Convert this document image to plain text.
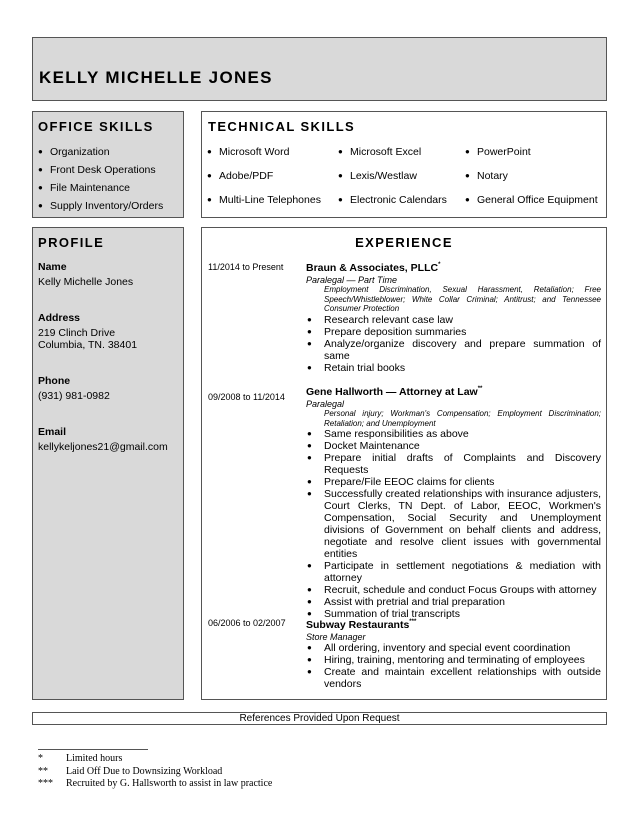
KELLY MICHELLE JONES
OFFICE SKILLS
● Organization
● Front Desk Operations
● File Maintenance
● Supply Inventory/Orders
TECHNICAL SKILLS
● Microsoft Word	● Microsoft Excel	● PowerPoint
● Adobe/PDF	● Lexis/Westlaw	● Notary
● Multi-Line Telephones ● Electronic Calendars ● General Office Equipment
PROFILE
Name
Kelly Michelle Jones
Address
219 Clinch Drive
Columbia, TN. 38401
Phone
(931) 981-0982
Email
kellykeljones21@gmail.com
EXPERIENCE
11/2014 to Present Braun & Associates, PLLC*
Paralegal — Part Time
Employment Discrimination, Sexual Harassment, Retaliation; Free Speech/Whistleblower; White Collar Criminal; Antitrust; and Tennessee Consumer Protection
● Research relevant case law
● Prepare deposition summaries
● Analyze/organize discovery and prepare summation of same
● Retain trial books
09/2008 to 11/2014 Gene Hallworth — Attorney at Law**
Paralegal
Personal injury; Workman's Compensation; Employment Discrimination; Retaliation; and Unemployment
● Same responsibilities as above
● Docket Maintenance
● Prepare initial drafts of Complaints and Discovery Requests
● Prepare/File EEOC claims for clients
● Successfully created relationships with insurance adjusters, Court Clerks, TN Dept. of Labor, EEOC, Workmen's Compensation, Social Security and Unemployment divisions of Government on behalf clients and address, negotiate and resolve client issues with governmental entities
● Participate in settlement negotiations & mediation with attorney
● Recruit, schedule and conduct Focus Groups with attorney
● Assist with pretrial and trial preparation
● Summation of trial transcripts
06/2006 to 02/2007 Subway Restaurants***
Store Manager
● All ordering, inventory and special event coordination
● Hiring, training, mentoring and terminating of employees
● Create and maintain excellent relationships with outside vendors
References Provided Upon Request
* Limited hours
** Laid Off Due to Downsizing Workload
*** Recruited by G. Hallsworth to assist in law practice
